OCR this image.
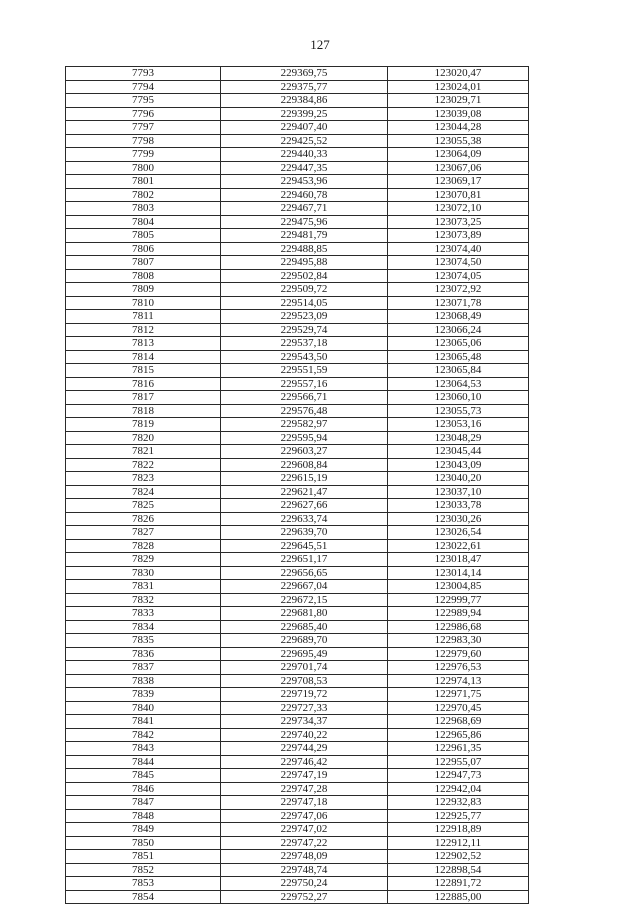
127
7793	229369,75	123020,47
7794	229375,77	123024,01
7795	229384,86	123029,71
7796	229399,25	123039,08
7797	229407,40	123044,28
7798	229425,52	123055,38
7799	229440,33	123064,09
7800	229447,35	123067,06
7801	229453,96	123069,17
7802	229460,78	123070,81
7803	229467,71	123072,10
7804	229475,96	123073,25
7805	229481,79	123073,89
7806	229488,85	123074,40
7807	229495,88	123074,50
7808	229502,84	123074,05
7809	229509,72	123072,92
7810	229514,05	123071,78
7811	229523,09	123068,49
7812	229529,74	123066,24
7813	229537,18	123065,06
7814	229543,50	123065,48
7815	229551,59	123065,84
7816	229557,16	123064,53
7817	229566,71	123060,10
7818	229576,48	123055,73
7819	229582,97	123053,16
7820	229595,94	123048,29
7821	229603,27	123045,44
7822	229608,84	123043,09
7823	229615,19	123040,20
7824	229621,47	123037,10
7825	229627,66	123033,78
7826	229633,74	123030,26
7827	229639,70	123026,54
7828	229645,51	123022,61
7829	229651,17	123018,47
7830	229656,65	123014,14
7831	229667,04	123004,85
7832	229672,15	122999,77
7833	229681,80	122989,94
7834	229685,40	122986,68
7835	229689,70	122983,30
7836	229695,49	122979,60
7837	229701,74	122976,53
7838	229708,53	122974,13
7839	229719,72	122971,75
7840	229727,33	122970,45
7841	229734,37	122968,69
7842	229740,22	122965,86
7843	229744,29	122961,35
7844	229746,42	122955,07
7845	229747,19	122947,73
7846	229747,28	122942,04
7847	229747,18	122932,83
7848	229747,06	122925,77
7849	229747,02	122918,89
7850	229747,22	122912,11
7851	229748,09	122902,52
7852	229748,74	122898,54
7853	229750,24	122891,72
7854	229752,27	122885,00
